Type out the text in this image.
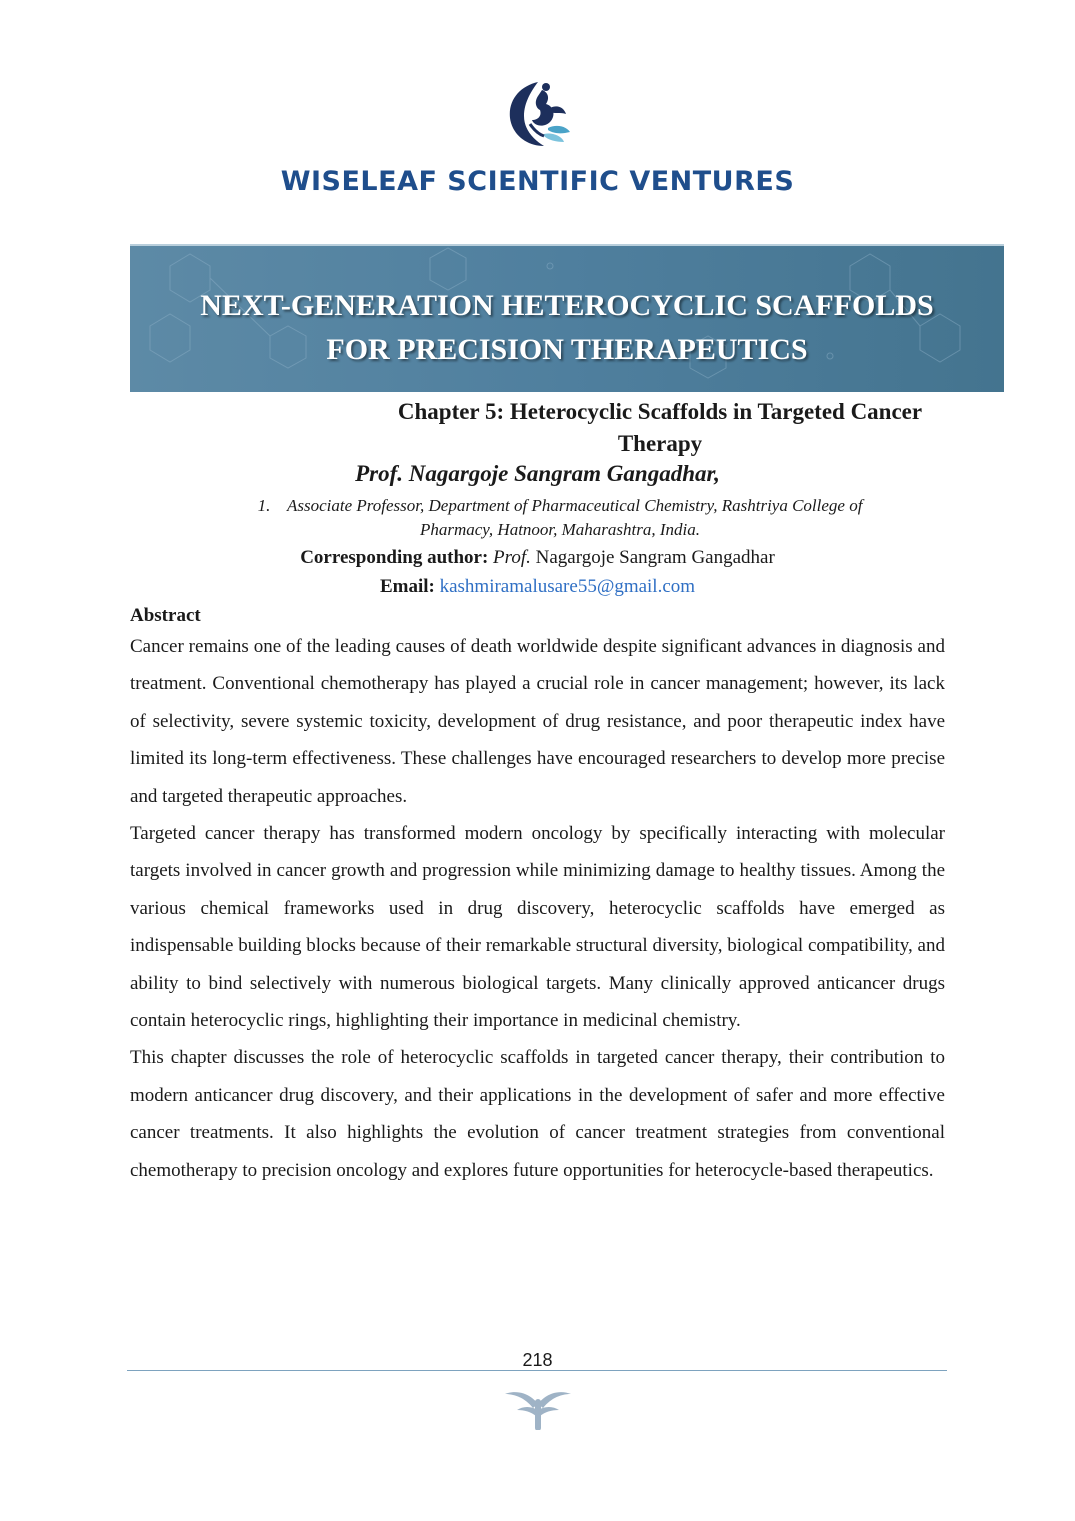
WISELEAF SCIENTIFIC VENTURES
NEXT-GENERATION HETEROCYCLIC SCAFFOLDS
FOR PRECISION THERAPEUTICS
Chapter 5: Heterocyclic Scaffolds in Targeted Cancer
Therapy

Prof. Nagargoje Sangram Gangadhar,

1. Associate Professor, Department of Pharmaceutical Chemistry, Rashtriya College of
Pharmacy, Hatnoor, Maharashtra, India.

Corresponding author: Prof. Nagargoje Sangram Gangadhar

Email: kashmiramalusare55@gmail.com

Abstract

Cancer remains one of the leading causes of death worldwide despite significant advances in diagnosis and treatment. Conventional chemotherapy has played a crucial role in cancer management; however, its lack of selectivity, severe systemic toxicity, development of drug resistance, and poor therapeutic index have limited its long-term effectiveness. These challenges have encouraged researchers to develop more precise and targeted therapeutic approaches.

Targeted cancer therapy has transformed modern oncology by specifically interacting with molecular targets involved in cancer growth and progression while minimizing damage to healthy tissues. Among the various chemical frameworks used in drug discovery, heterocyclic scaffolds have emerged as indispensable building blocks because of their remarkable structural diversity, biological compatibility, and ability to bind selectively with numerous biological targets. Many clinically approved anticancer drugs contain heterocyclic rings, highlighting their importance in medicinal chemistry.

This chapter discusses the role of heterocyclic scaffolds in targeted cancer therapy, their contribution to modern anticancer drug discovery, and their applications in the development of safer and more effective cancer treatments. It also highlights the evolution of cancer treatment strategies from conventional chemotherapy to precision oncology and explores future opportunities for heterocycle-based therapeutics.

218
